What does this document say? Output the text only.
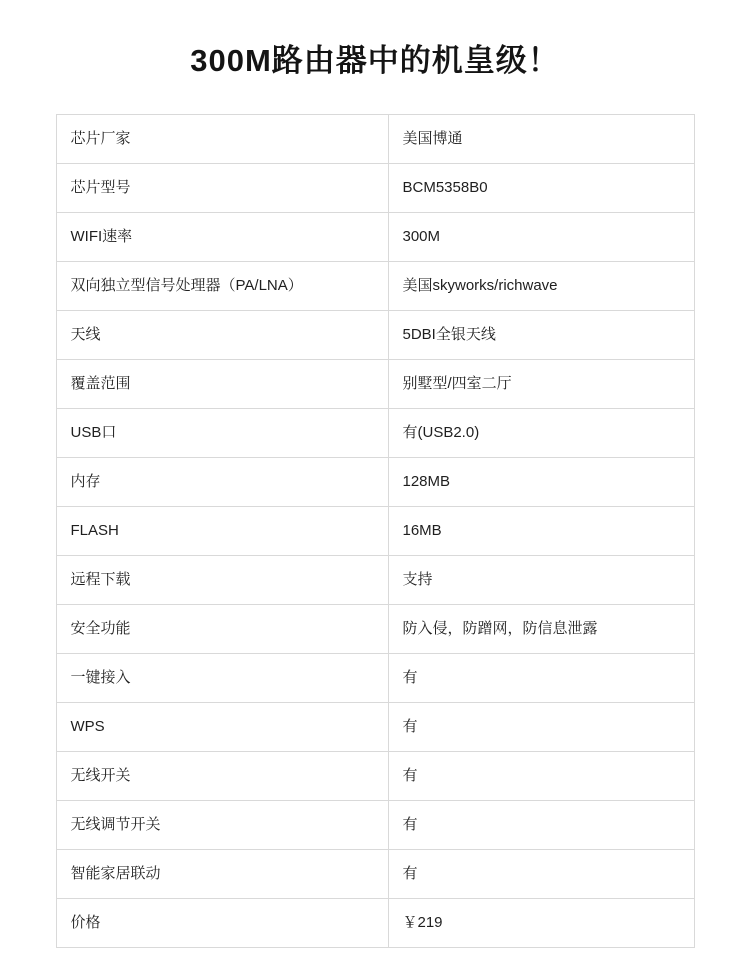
300M路由器中的机皇级！
芯片厂家	美国博通
芯片型号	BCM5358B0
WIFI速率	300M
双向独立型信号处理器（PA/LNA）	美国skyworks/richwave
天线	5DBI全银天线
覆盖范围	别墅型/四室二厅
USB口	有(USB2.0)
内存	128MB
FLASH	16MB
远程下载	支持
安全功能	防入侵，防蹭网，防信息泄露
一键接入	有
WPS	有
无线开关	有
无线调节开关	有
智能家居联动	有
价格	￥219
